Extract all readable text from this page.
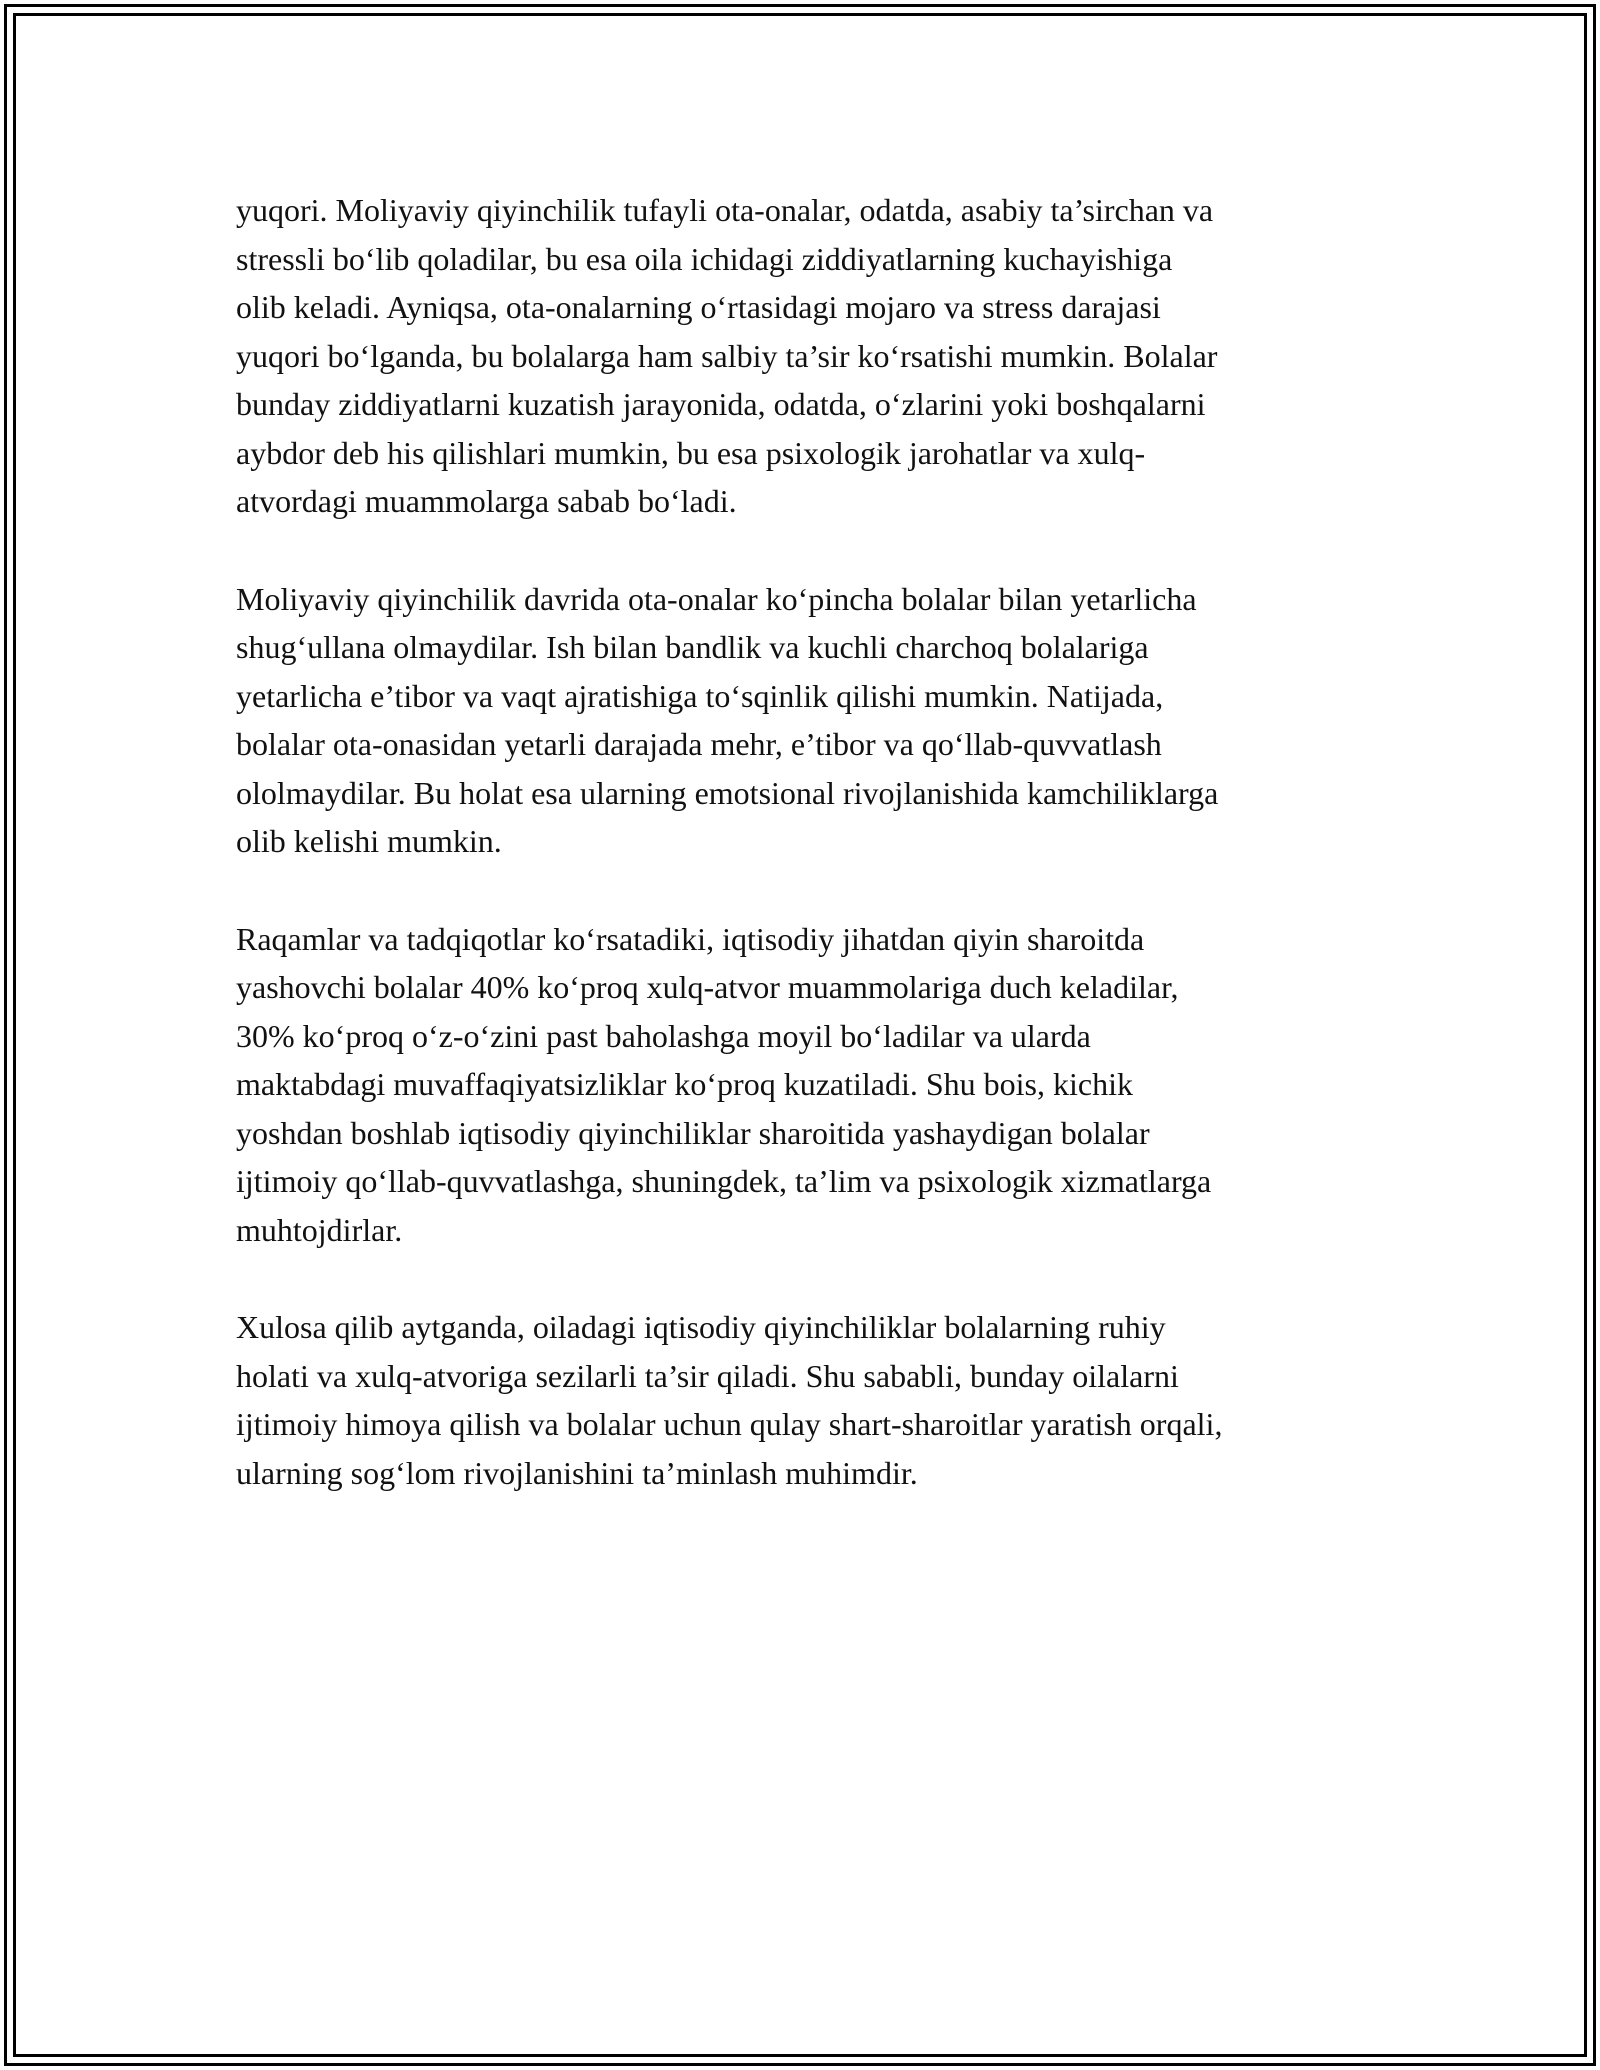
yuqori. Moliyaviy qiyinchilik tufayli ota-onalar, odatda, asabiy ta’sirchan va
stressli bo‘lib qoladilar, bu esa oila ichidagi ziddiyatlarning kuchayishiga
olib keladi. Ayniqsa, ota-onalarning o‘rtasidagi mojaro va stress darajasi
yuqori bo‘lganda, bu bolalarga ham salbiy ta’sir ko‘rsatishi mumkin. Bolalar
bunday ziddiyatlarni kuzatish jarayonida, odatda, o‘zlarini yoki boshqalarni
aybdor deb his qilishlari mumkin, bu esa psixologik jarohatlar va xulq-
atvordagi muammolarga sabab bo‘ladi.

Moliyaviy qiyinchilik davrida ota-onalar ko‘pincha bolalar bilan yetarlicha
shug‘ullana olmaydilar. Ish bilan bandlik va kuchli charchoq bolalariga
yetarlicha e’tibor va vaqt ajratishiga to‘sqinlik qilishi mumkin. Natijada,
bolalar ota-onasidan yetarli darajada mehr, e’tibor va qo‘llab-quvvatlash
ololmaydilar. Bu holat esa ularning emotsional rivojlanishida kamchiliklarga
olib kelishi mumkin.

Raqamlar va tadqiqotlar ko‘rsatadiki, iqtisodiy jihatdan qiyin sharoitda
yashovchi bolalar 40% ko‘proq xulq-atvor muammolariga duch keladilar,
30% ko‘proq o‘z-o‘zini past baholashga moyil bo‘ladilar va ularda
maktabdagi muvaffaqiyatsizliklar ko‘proq kuzatiladi. Shu bois, kichik
yoshdan boshlab iqtisodiy qiyinchiliklar sharoitida yashaydigan bolalar
ijtimoiy qo‘llab-quvvatlashga, shuningdek, ta’lim va psixologik xizmatlarga
muhtojdirlar.

Xulosa qilib aytganda, oiladagi iqtisodiy qiyinchiliklar bolalarning ruhiy
holati va xulq-atvoriga sezilarli ta’sir qiladi. Shu sababli, bunday oilalarni
ijtimoiy himoya qilish va bolalar uchun qulay shart-sharoitlar yaratish orqali,
ularning sog‘lom rivojlanishini ta’minlash muhimdir.
